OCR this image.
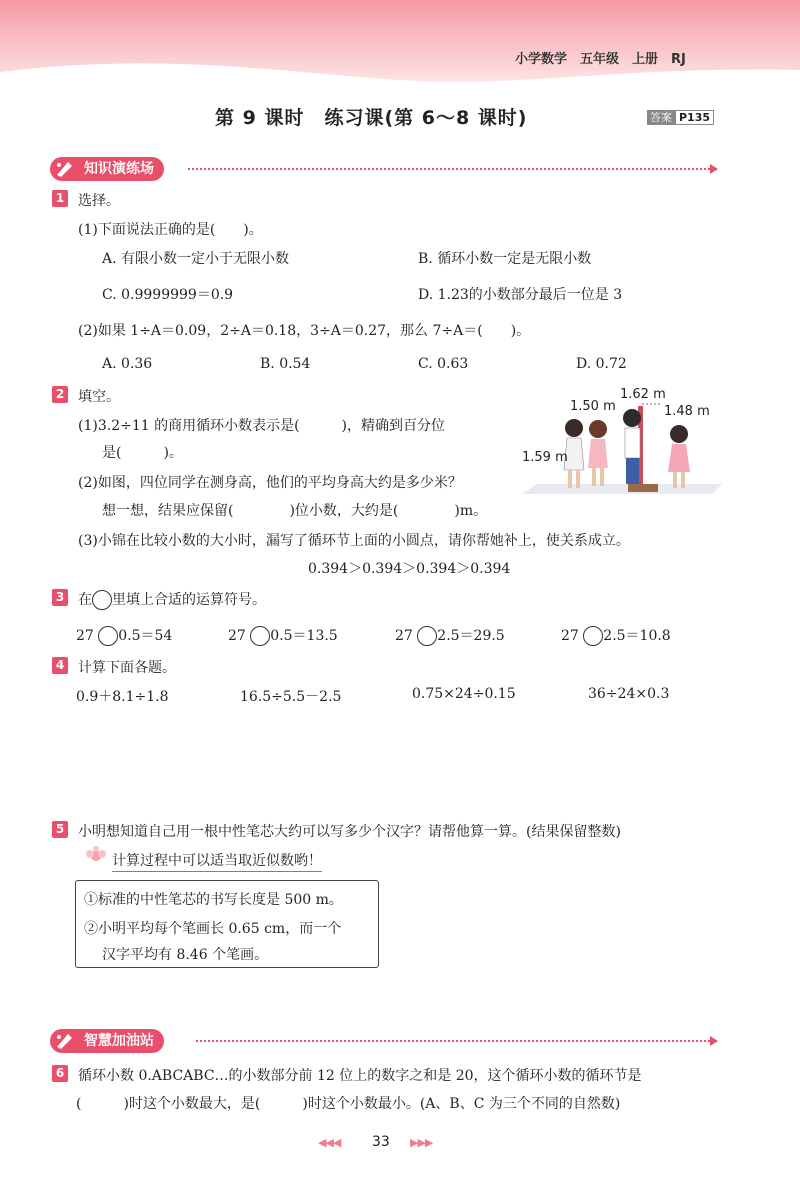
小学数学　五年级　上册　RJ
第 9 课时　练习课(第 6～8 课时)	答案 P135
知识演练场
1 选择。
(1)下面说法正确的是(　　)。
A. 有限小数一定小于无限小数	B. 循环小数一定是无限小数
C. 0.9999999＝0.9	D. 1.23的小数部分最后一位是 3
(2)如果 1÷A＝0.09，2÷A＝0.18，3÷A＝0.27，那么 7÷A＝(　　)。
A. 0.36	B. 0.54	C. 0.63	D. 0.72
2 填空。
(1)3.2÷11 的商用循环小数表示是(　　　)，精确到百分位
是(　　　)。
(2)如图，四位同学在测身高，他们的平均身高大约是多少米？
想一想，结果应保留(　　　　)位小数，大约是(　　　　)m。
(3)小锦在比较小数的大小时，漏写了循环节上面的小圆点，请你帮她补上，使关系成立。
0.394＞0.394＞0.394＞0.394
1.50 m
1.62 m
1.48 m
1.59 m
3 在 里填上合适的运算符号。
27 0.5＝54	27 0.5＝13.5	27 2.5＝29.5	27 2.5＝10.8
4 计算下面各题。
0.9＋8.1÷1.8	16.5÷5.5－2.5	0.75×24÷0.15	36÷24×0.3
5 小明想知道自己用一根中性笔芯大约可以写多少个汉字？请帮他算一算。(结果保留整数)
计算过程中可以适当取近似数哟！
①标准的中性笔芯的书写长度是 500 m。
②小明平均每个笔画长 0.65 cm，而一个
汉字平均有 8.46 个笔画。
智慧加油站
6 循环小数 0.ABCABC…的小数部分前 12 位上的数字之和是 20，这个循环小数的循环节是
(　　　)时这个小数最大，是(　　　)时这个小数最小。(A、B、C 为三个不同的自然数)
◀◀◀ 33 ▶▶▶
